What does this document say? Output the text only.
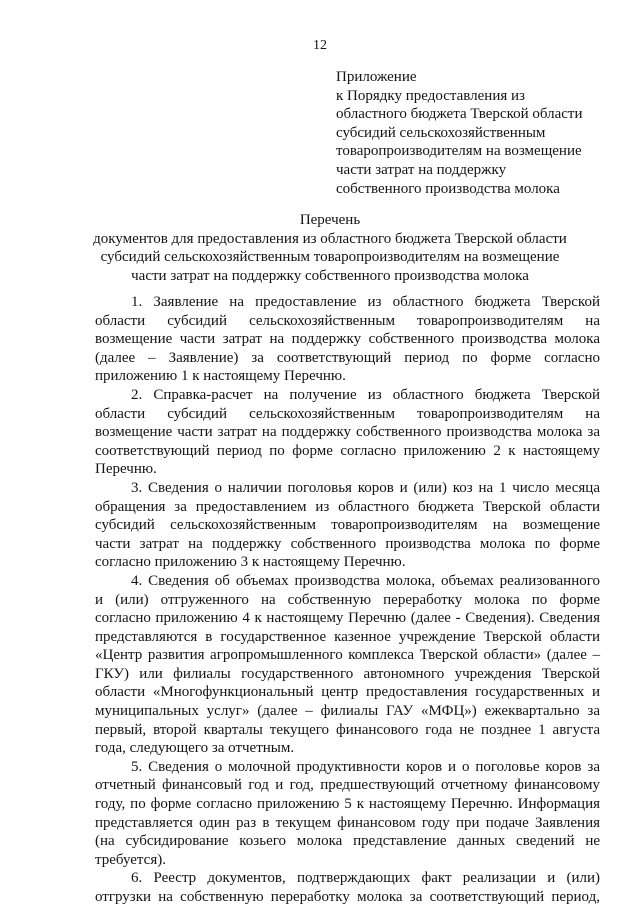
12
Приложение
к Порядку предоставления из
областного бюджета Тверской области
субсидий сельскохозяйственным
товаропроизводителям на возмещение
части затрат на поддержку
собственного производства молока
Перечень
документов для предоставления из областного бюджета Тверской области
субсидий сельскохозяйственным товаропроизводителям на возмещение
части затрат на поддержку собственного производства молока
1. Заявление на предоставление из областного бюджета Тверской
области субсидий сельскохозяйственным товаропроизводителям на
возмещение части затрат на поддержку собственного производства молока
(далее – Заявление) за соответствующий период по форме согласно
приложению 1 к настоящему Перечню.
2. Справка-расчет на получение из областного бюджета Тверской
области субсидий сельскохозяйственным товаропроизводителям на
возмещение части затрат на поддержку собственного производства молока за
соответствующий период по форме согласно приложению 2 к настоящему
Перечню.
3. Сведения о наличии поголовья коров и (или) коз на 1 число месяца
обращения за предоставлением из областного бюджета Тверской области
субсидий сельскохозяйственным товаропроизводителям на возмещение
части затрат на поддержку собственного производства молока по форме
согласно приложению 3 к настоящему Перечню.
4. Сведения об объемах производства молока, объемах реализованного
и (или) отгруженного на собственную переработку молока по форме
согласно приложению 4 к настоящему Перечню (далее - Сведения). Сведения
представляются в государственное казенное учреждение Тверской области
«Центр развития агропромышленного комплекса Тверской области» (далее –
ГКУ) или филиалы государственного автономного учреждения Тверской
области «Многофункциональный центр предоставления государственных и
муниципальных услуг» (далее – филиалы ГАУ «МФЦ») ежеквартально за
первый, второй кварталы текущего финансового года не позднее 1 августа
года, следующего за отчетным.
5. Сведения о молочной продуктивности коров и о поголовье коров за
отчетный финансовый год и год, предшествующий отчетному финансовому
году, по форме согласно приложению 5 к настоящему Перечню. Информация
представляется один раз в текущем финансовом году при подаче Заявления
(на субсидирование козьего молока представление данных сведений не
требуется).
6. Реестр документов, подтверждающих факт реализации и (или)
отгрузки на собственную переработку молока за соответствующий период,
